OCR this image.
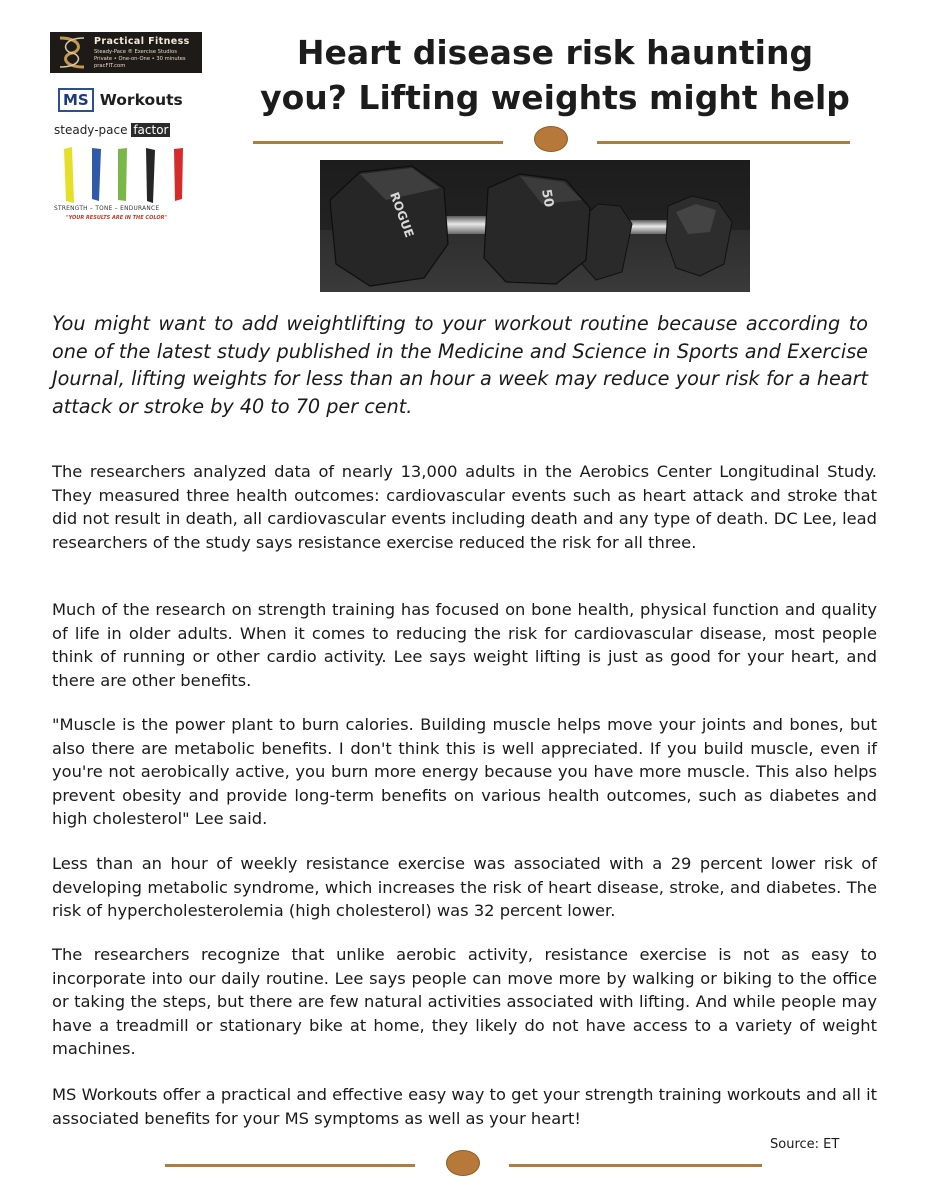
Practical Fitness
Steady-Pace ® Exercise Studios
Private • One-on-One • 30 minutes
pracFIT.com
MS Workouts
steady-pace factor
STRENGTH – TONE – ENDURANCE
"YOUR RESULTS ARE IN THE COLOR"
Heart disease risk haunting you? Lifting weights might help
ROGUE	50

You might want to add weightlifting to your workout routine because according to one of the latest study published in the Medicine and Science in Sports and Exercise Journal, lifting weights for less than an hour a week may reduce your risk for a heart attack or stroke by 40 to 70 per cent.

The researchers analyzed data of nearly 13,000 adults in the Aerobics Center Longitudinal Study. They measured three health outcomes: cardiovascular events such as heart attack and stroke that did not result in death, all cardiovascular events including death and any type of death. DC Lee, lead researchers of the study says resistance exercise reduced the risk for all three.

Much of the research on strength training has focused on bone health, physical function and quality of life in older adults. When it comes to reducing the risk for cardiovascular disease, most people think of running or other cardio activity. Lee says weight lifting is just as good for your heart, and there are other benefits.

"Muscle is the power plant to burn calories. Building muscle helps move your joints and bones, but also there are metabolic benefits. I don't think this is well appreciated. If you build muscle, even if you're not aerobically active, you burn more energy because you have more muscle. This also helps prevent obesity and provide long-term benefits on various health outcomes, such as diabetes and high cholesterol" Lee said.

Less than an hour of weekly resistance exercise was associated with a 29 percent lower risk of developing metabolic syndrome, which increases the risk of heart disease, stroke, and diabetes. The risk of hypercholesterolemia (high cholesterol) was 32 percent lower.

The researchers recognize that unlike aerobic activity, resistance exercise is not as easy to incorporate into our daily routine. Lee says people can move more by walking or biking to the office or taking the steps, but there are few natural activities associated with lifting. And while people may have a treadmill or stationary bike at home, they likely do not have access to a variety of weight machines.

MS Workouts offer a practical and effective easy way to get your strength training workouts and all it associated benefits for your MS symptoms as well as your heart!

Source: ET
